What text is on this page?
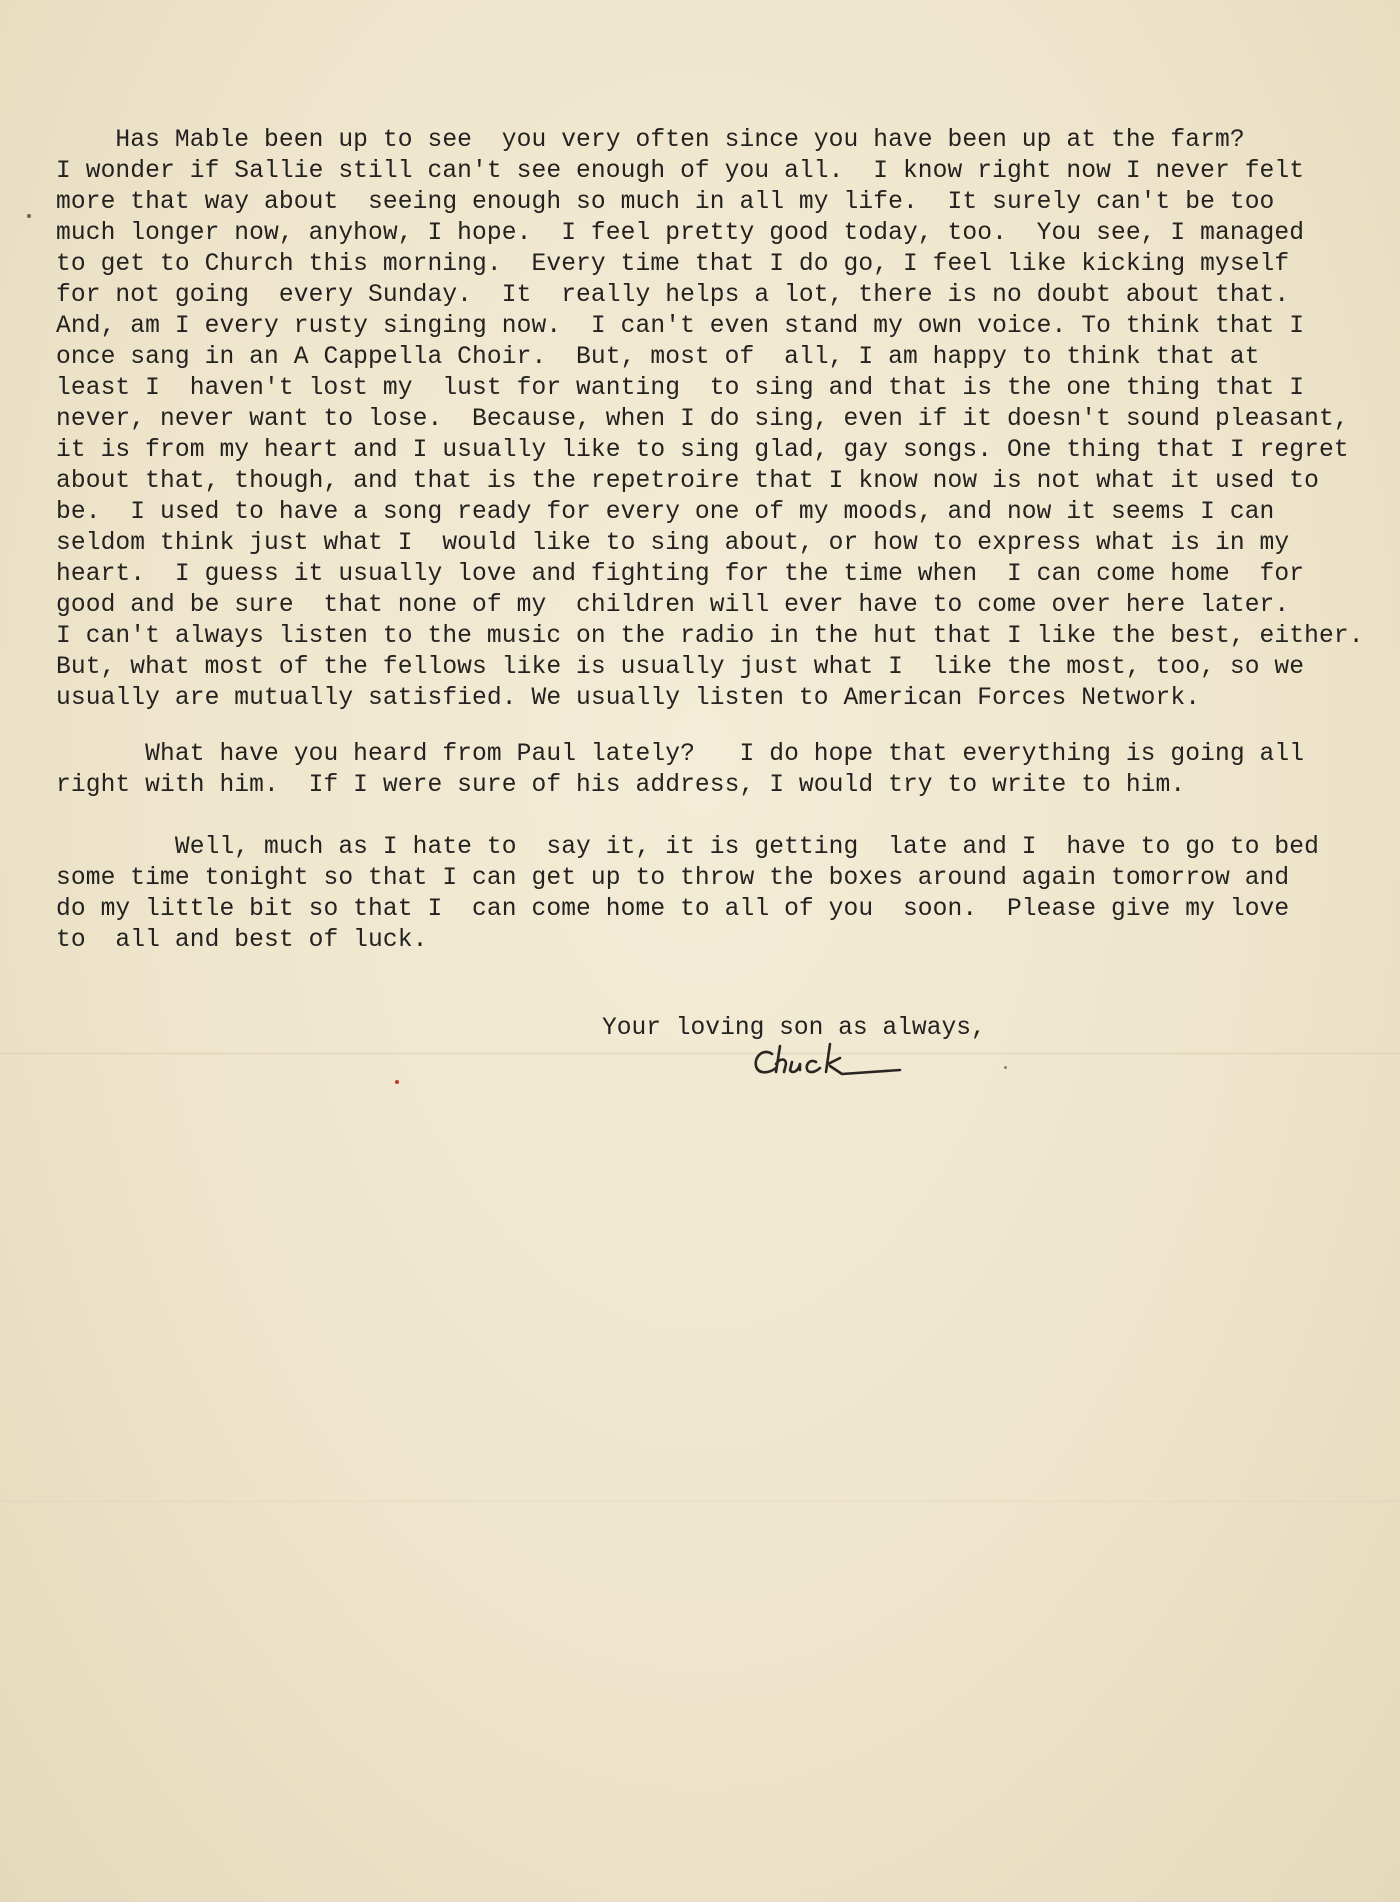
Has Mable been up to see  you very often since you have been up at the farm?
I wonder if Sallie still can't see enough of you all.  I know right now I never felt
more that way about  seeing enough so much in all my life.  It surely can't be too
much longer now, anyhow, I hope.  I feel pretty good today, too.  You see, I managed
to get to Church this morning.  Every time that I do go, I feel like kicking myself
for not going  every Sunday.  It  really helps a lot, there is no doubt about that.
And, am I every rusty singing now.  I can't even stand my own voice. To think that I
once sang in an A Cappella Choir.  But, most of  all, I am happy to think that at
least I  haven't lost my  lust for wanting  to sing and that is the one thing that I
never, never want to lose.  Because, when I do sing, even if it doesn't sound pleasant,
it is from my heart and I usually like to sing glad, gay songs. One thing that I regret
about that, though, and that is the repetroire that I know now is not what it used to
be.  I used to have a song ready for every one of my moods, and now it seems I can
seldom think just what I  would like to sing about, or how to express what is in my
heart.  I guess it usually love and fighting for the time when  I can come home  for
good and be sure  that none of my  children will ever have to come over here later.
I can't always listen to the music on the radio in the hut that I like the best, either.
But, what most of the fellows like is usually just what I  like the most, too, so we
usually are mutually satisfied. We usually listen to American Forces Network.
What have you heard from Paul lately?   I do hope that everything is going all
right with him.  If I were sure of his address, I would try to write to him.
Well, much as I hate to  say it, it is getting  late and I  have to go to bed
some time tonight so that I can get up to throw the boxes around again tomorrow and
do my little bit so that I  can come home to all of you  soon.  Please give my love
to  all and best of luck.
Your loving son as always,
